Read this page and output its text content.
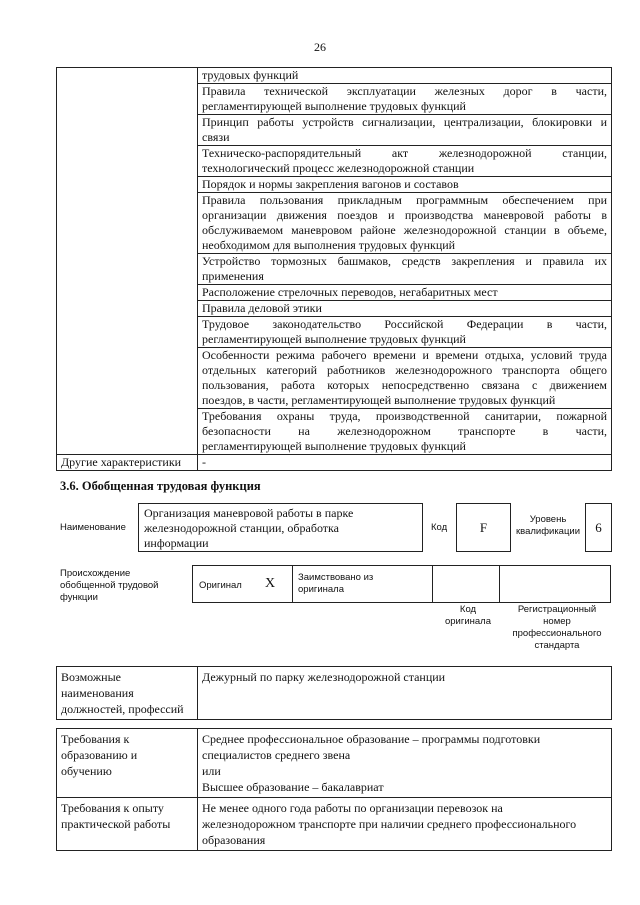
26

	трудовых функций

	Правила технической эксплуатации железных дорог в части,
регламентирующей выполнение трудовых функций

	Принцип работы устройств сигнализации, централизации, блокировки и
связи

	Техническо-распорядительный акт железнодорожной станции,
технологический процесс железнодорожной станции

	Порядок и нормы закрепления вагонов и составов

	Правила пользования прикладным программным обеспечением при
организации движения поездов и производства маневровой работы в
обслуживаемом маневровом районе железнодорожной станции в объеме,
необходимом для выполнения трудовых функций

	Устройство тормозных башмаков, средств закрепления и правила их
применения

	Расположение стрелочных переводов, негабаритных мест

	Правила деловой этики

	Трудовое законодательство Российской Федерации в части,
регламентирующей выполнение трудовых функций

	Особенности режима рабочего времени и времени отдыха, условий труда
отдельных категорий работников железнодорожного транспорта общего
пользования, работа которых непосредственно связана с движением
поездов, в части, регламентирующей выполнение трудовых функций

	Требования охраны труда, производственной санитарии, пожарной
безопасности на железнодорожном транспорте в части,
регламентирующей выполнение трудовых функций

Другие характеристики	-
3.6. Обобщенная трудовая функция
Наименование
Организация маневровой работы в парке
железнодорожной станции, обработка
информации
Код	F	Уровень
квалификации 6
Происхождение
обобщенной трудовой
функции
Оригинал X Заимствовано из
оригинала
Код
оригинала
Регистрационный
номер
профессионального
стандарта
Возможные
наименования
должностей, профессий
	Дежурный по парку железнодорожной станции
Требования к
образованию и
обучению	Среднее профессиональное образование – программы подготовки
специалистов среднего звена
или
Высшее образование – бакалавриат

Требования к опыту
практической работы	Не менее одного года работы по организации перевозок на
железнодорожном транспорте при наличии среднего профессионального
образования
